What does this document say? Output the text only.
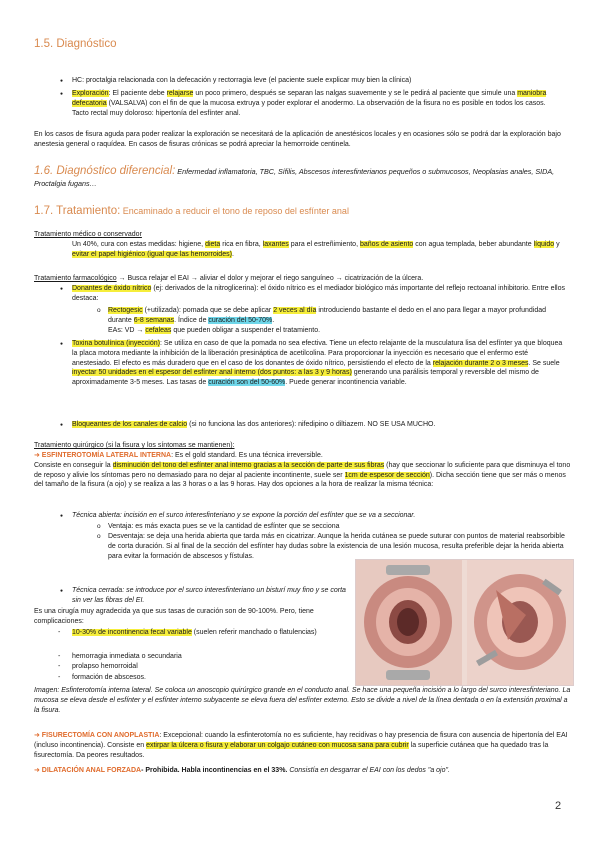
1.5. Diagnóstico
● HC: proctalgia relacionada con la defecación y rectorragia leve (el paciente suele explicar muy bien la clínica)
● Exploración: El paciente debe relajarse un poco primero, después se separan las nalgas suavemente y se le pedirá al paciente que simule una maniobra defecatoria (VALSALVA) con el fin de que la mucosa extruya y poder explorar el anodermo. La observación de la fisura no es posible en todos los casos.
Tacto rectal muy doloroso: hipertonía del esfínter anal.
En los casos de fisura aguda para poder realizar la exploración se necesitará de la aplicación de anestésicos locales y en ocasiones sólo se podrá dar la exploración bajo anestesia general o raquídea. En casos de fisuras crónicas se podrá apreciar la hemorroide centinela.
1.6. Diagnóstico diferencial: Enfermedad inflamatoria, TBC, Sífilis, Abscesos interesfinterianos pequeños o submucosos, Neoplasias anales, SIDA, Proctalgia fugans…
1.7. Tratamiento: Encaminado a reducir el tono de reposo del esfínter anal
Tratamiento médico o conservador
Un 40%, cura con estas medidas: higiene, dieta rica en fibra, laxantes para el estreñimiento, baños de asiento con agua templada, beber abundante líquido y evitar el papel higiénico (igual que las hemorroides).
Tratamiento farmacológico → Busca relajar el EAI → aliviar el dolor y mejorar el riego sanguíneo → cicatrización de la úlcera.
● Donantes de óxido nítrico (ej: derivados de la nitroglicerina): el óxido nítrico es el mediador biológico más importante del reflejo rectoanal inhibitorio. Entre ellos destaca:
o Rectogesic (+utilizada): pomada que se debe aplicar 2 veces al día introduciendo bastante el dedo en el ano para llegar a mayor profundidad durante 6-8 semanas. Índice de curación del 50-70%.
EAs: VD → cefaleas que pueden obligar a suspender el tratamiento.
● Toxina botulínica (inyección): Se utiliza en caso de que la pomada no sea efectiva. Tiene un efecto relajante de la musculatura lisa del esfínter ya que bloquea la placa motora mediante la inhibición de la liberación presináptica de acetilcolina. Para proporcionar la inyección es necesario que el enfermo esté anestesiado. El efecto es más duradero que en el caso de los donantes de óxido nítrico, persistiendo el efecto de la relajación durante 2 o 3 meses. Se suele inyectar 50 unidades en el espesor del esfínter anal interno (dos puntos: a las 3 y 9 horas) generando una parálisis temporal y reversible del mismo de aproximadamente 3-5 meses. Las tasas de curación son del 50-60%. Puede generar incontinencia variable.
● Bloqueantes de los canales de calcio (si no funciona las dos anteriores): nifedipino o diltiazem. NO SE USA MUCHO.
Tratamiento quirúrgico (si la fisura y los síntomas se mantienen):
➜ ESFINTEROTOMÍA LATERAL INTERNA: Es el gold standard. Es una técnica irreversible.
Consiste en conseguir la disminución del tono del esfínter anal interno gracias a la sección de parte de sus fibras (hay que seccionar lo suficiente para que disminuya el tono de reposo y alivie los síntomas pero no demasiado para no dejar al paciente incontinente, suele ser 1cm de espesor de sección). Dicha sección tiene que ser más o menos del tamaño de la fisura (a ojo) y se realiza a las 3 horas o a las 9 horas. Hay dos opciones a la hora de realizar la misma técnica:
● Técnica abierta: incisión en el surco interesfinteriano y se expone la porción del esfínter que se va a seccionar.
o Ventaja: es más exacta pues se ve la cantidad de esfínter que se secciona
o Desventaja: se deja una herida abierta que tarda más en cicatrizar. Aunque la herida cutánea se puede suturar con puntos de material reabsorbible de corta duración. Si al final de la sección del esfínter hay dudas sobre la existencia de una lesión mucosa, resulta preferible dejar la herida abierta para evitar la formación de abscesos y fístulas.
● Técnica cerrada: se introduce por el surco interesfinteriano un bisturí muy fino y se corta sin ver las fibras del EI.
Es una cirugía muy agradecida ya que sus tasas de curación son de 90-100%. Pero, tiene complicaciones:
- 10-30% de incontinencia fecal variable (suelen referir manchado o flatulencias)
- hemorragia inmediata o secundaria
- prolapso hemorroidal
- formación de abscesos.
Imagen: Esfinterotomía interna lateral. Se coloca un anoscopio quirúrgico grande en el conducto anal. Se hace una pequeña incisión a lo largo del surco interesfinteriano. La mucosa se eleva desde el esfínter y el esfínter interno subyacente se eleva fuera del esfínter externo. Esto se divide a nivel de la línea dentada o en la extensión proximal a la fisura.
➜ FISURECTOMÍA CON ANOPLASTIA: Excepcional: cuando la esfinterotomía no es suficiente, hay recidivas o hay presencia de fisura con ausencia de hipertonía del EAI (incluso incontinencia). Consiste en extirpar la úlcera o fisura y elaborar un colgajo cutáneo con mucosa sana para cubrir la superficie cutánea que ha quedado tras la fisurectomía. Da peores resultados.
➜ DILATACIÓN ANAL FORZADA- Prohibida. Habla incontinencias en el 33%. Consistía en desgarrar el EAI con los dedos "a ojo".
2
